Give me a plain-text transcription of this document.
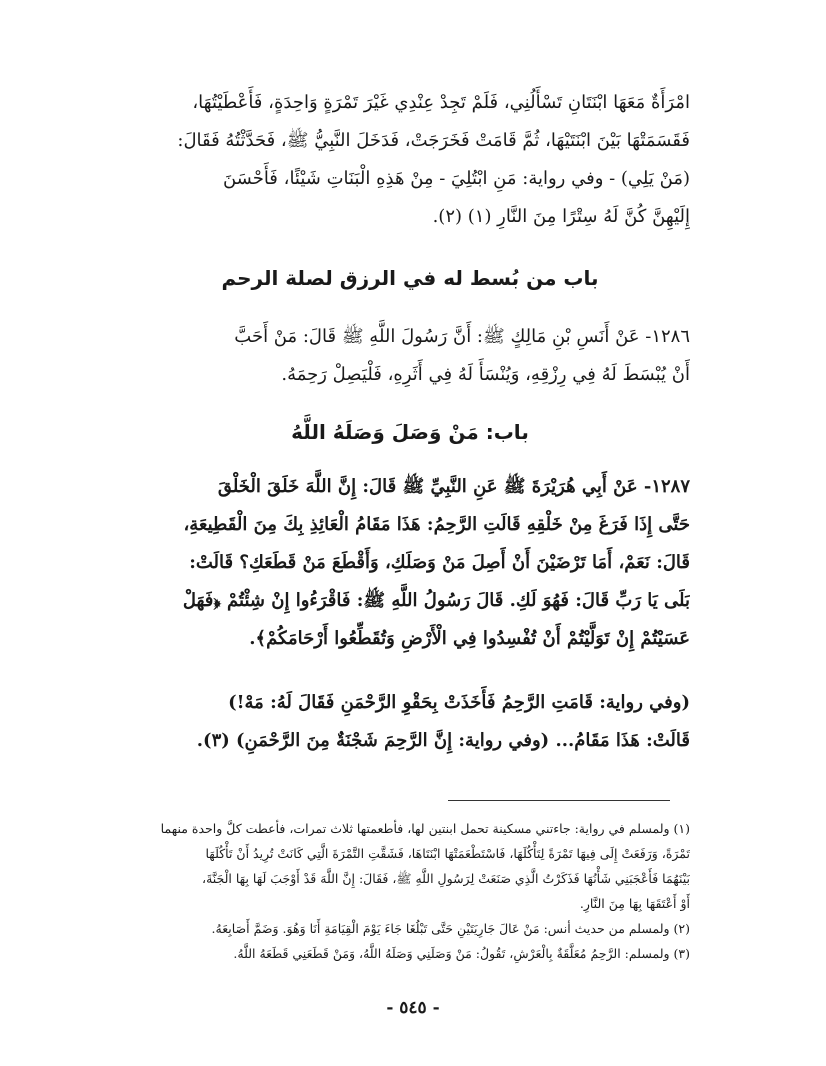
امْرَأَةٌ مَعَهَا ابْنَتَانِ تَسْأَلُنِي، فَلَمْ تَجِدْ عِنْدِي غَيْرَ تَمْرَةٍ وَاحِدَةٍ، فَأَعْطَيْتُهَا،
فَقَسَمَتْهَا بَيْنَ ابْنَتَيْهَا، ثُمَّ قَامَتْ فَخَرَجَتْ، فَدَخَلَ النَّبِيُّ ﷺ، فَحَدَّثْتُهُ فَقَالَ:
(مَنْ يَلِي) - وفي رواية: مَنِ ابْتُلِيَ - مِنْ هَذِهِ الْبَنَاتِ شَيْئًا، فَأَحْسَنَ
إِلَيْهِنَّ كُنَّ لَهُ سِتْرًا مِنَ النَّارِ (١) (٢).
باب من بُسط له في الرزق لصلة الرحم
١٢٨٦- عَنْ أَنَسِ بْنِ مَالِكٍ ﷺ: أَنَّ رَسُولَ اللَّهِ ﷺ قَالَ: مَنْ أَحَبَّ
أَنْ يُبْسَطَ لَهُ فِي رِزْقِهِ، وَيُنْسَأَ لَهُ فِي أَثَرِهِ، فَلْيَصِلْ رَحِمَهُ.
باب: مَنْ وَصَلَ وَصَلَهُ اللَّهُ
١٢٨٧- عَنْ أَبِي هُرَيْرَةَ ﷺ عَنِ النَّبِيِّ ﷺ قَالَ: إِنَّ اللَّهَ خَلَقَ الْخَلْقَ
حَتَّى إِذَا فَرَغَ مِنْ خَلْقِهِ قَالَتِ الرَّحِمُ: هَذَا مَقَامُ الْعَائِذِ بِكَ مِنَ الْقَطِيعَةِ،
قَالَ: نَعَمْ، أَمَا تَرْضَيْنَ أَنْ أَصِلَ مَنْ وَصَلَكِ، وَأَقْطَعَ مَنْ قَطَعَكِ؟ قَالَتْ:
بَلَى يَا رَبِّ قَالَ: فَهُوَ لَكِ. قَالَ رَسُولُ اللَّهِ ﷺ: فَاقْرَءُوا إِنْ شِئْتُمْ ﴿فَهَلْ
عَسَيْتُمْ إِنْ تَوَلَّيْتُمْ أَنْ تُفْسِدُوا فِي الْأَرْضِ وَتُقَطِّعُوا أَرْحَامَكُمْ﴾.
(وفي رواية: قَامَتِ الرَّحِمُ فَأَخَذَتْ بِحَقْوِ الرَّحْمَنِ فَقَالَ لَهُ: مَهْ!)
قَالَتْ: هَذَا مَقَامُ... (وفي رواية: إِنَّ الرَّحِمَ شَجْنَةٌ مِنَ الرَّحْمَنِ) (٣).
(١) ولمسلم في رواية: جاءتني مسكينة تحمل ابنتين لها، فأطعمتها ثلاث تمرات، فأعطت كلَّ واحدة منهما
تَمْرَةً، وَرَفَعَتْ إِلَى فِيهَا تَمْرَةً لِتَأْكُلَهَا، فَاسْتَطْعَمَتْهَا ابْنَتَاهَا، فَشَقَّتِ التَّمْرَةَ الَّتِي كَانَتْ تُرِيدُ أَنْ تَأْكُلَهَا
بَيْنَهُمَا فَأَعْجَبَنِي شَأْنُهَا فَذَكَرْتُ الَّذِي صَنَعَتْ لِرَسُولِ اللَّهِ ﷺ، فَقَالَ: إِنَّ اللَّهَ قَدْ أَوْجَبَ لَهَا بِهَا الْجَنَّةَ،
أَوْ أَعْتَقَهَا بِهَا مِنَ النَّارِ.
(٢) ولمسلم من حديث أنس: مَنْ عَالَ جَارِيَتَيْنِ حَتَّى تَبْلُغَا جَاءَ يَوْمَ الْقِيَامَةِ أَنَا وَهُوَ. وَضَمَّ أَصَابِعَهُ.
(٣) ولمسلم: الرَّحِمُ مُعَلَّقَةٌ بِالْعَرْشِ، تَقُولُ: مَنْ وَصَلَنِي وَصَلَهُ اللَّهُ، وَمَنْ قَطَعَنِي قَطَعَهُ اللَّهُ.
- ٥٤٥ -
